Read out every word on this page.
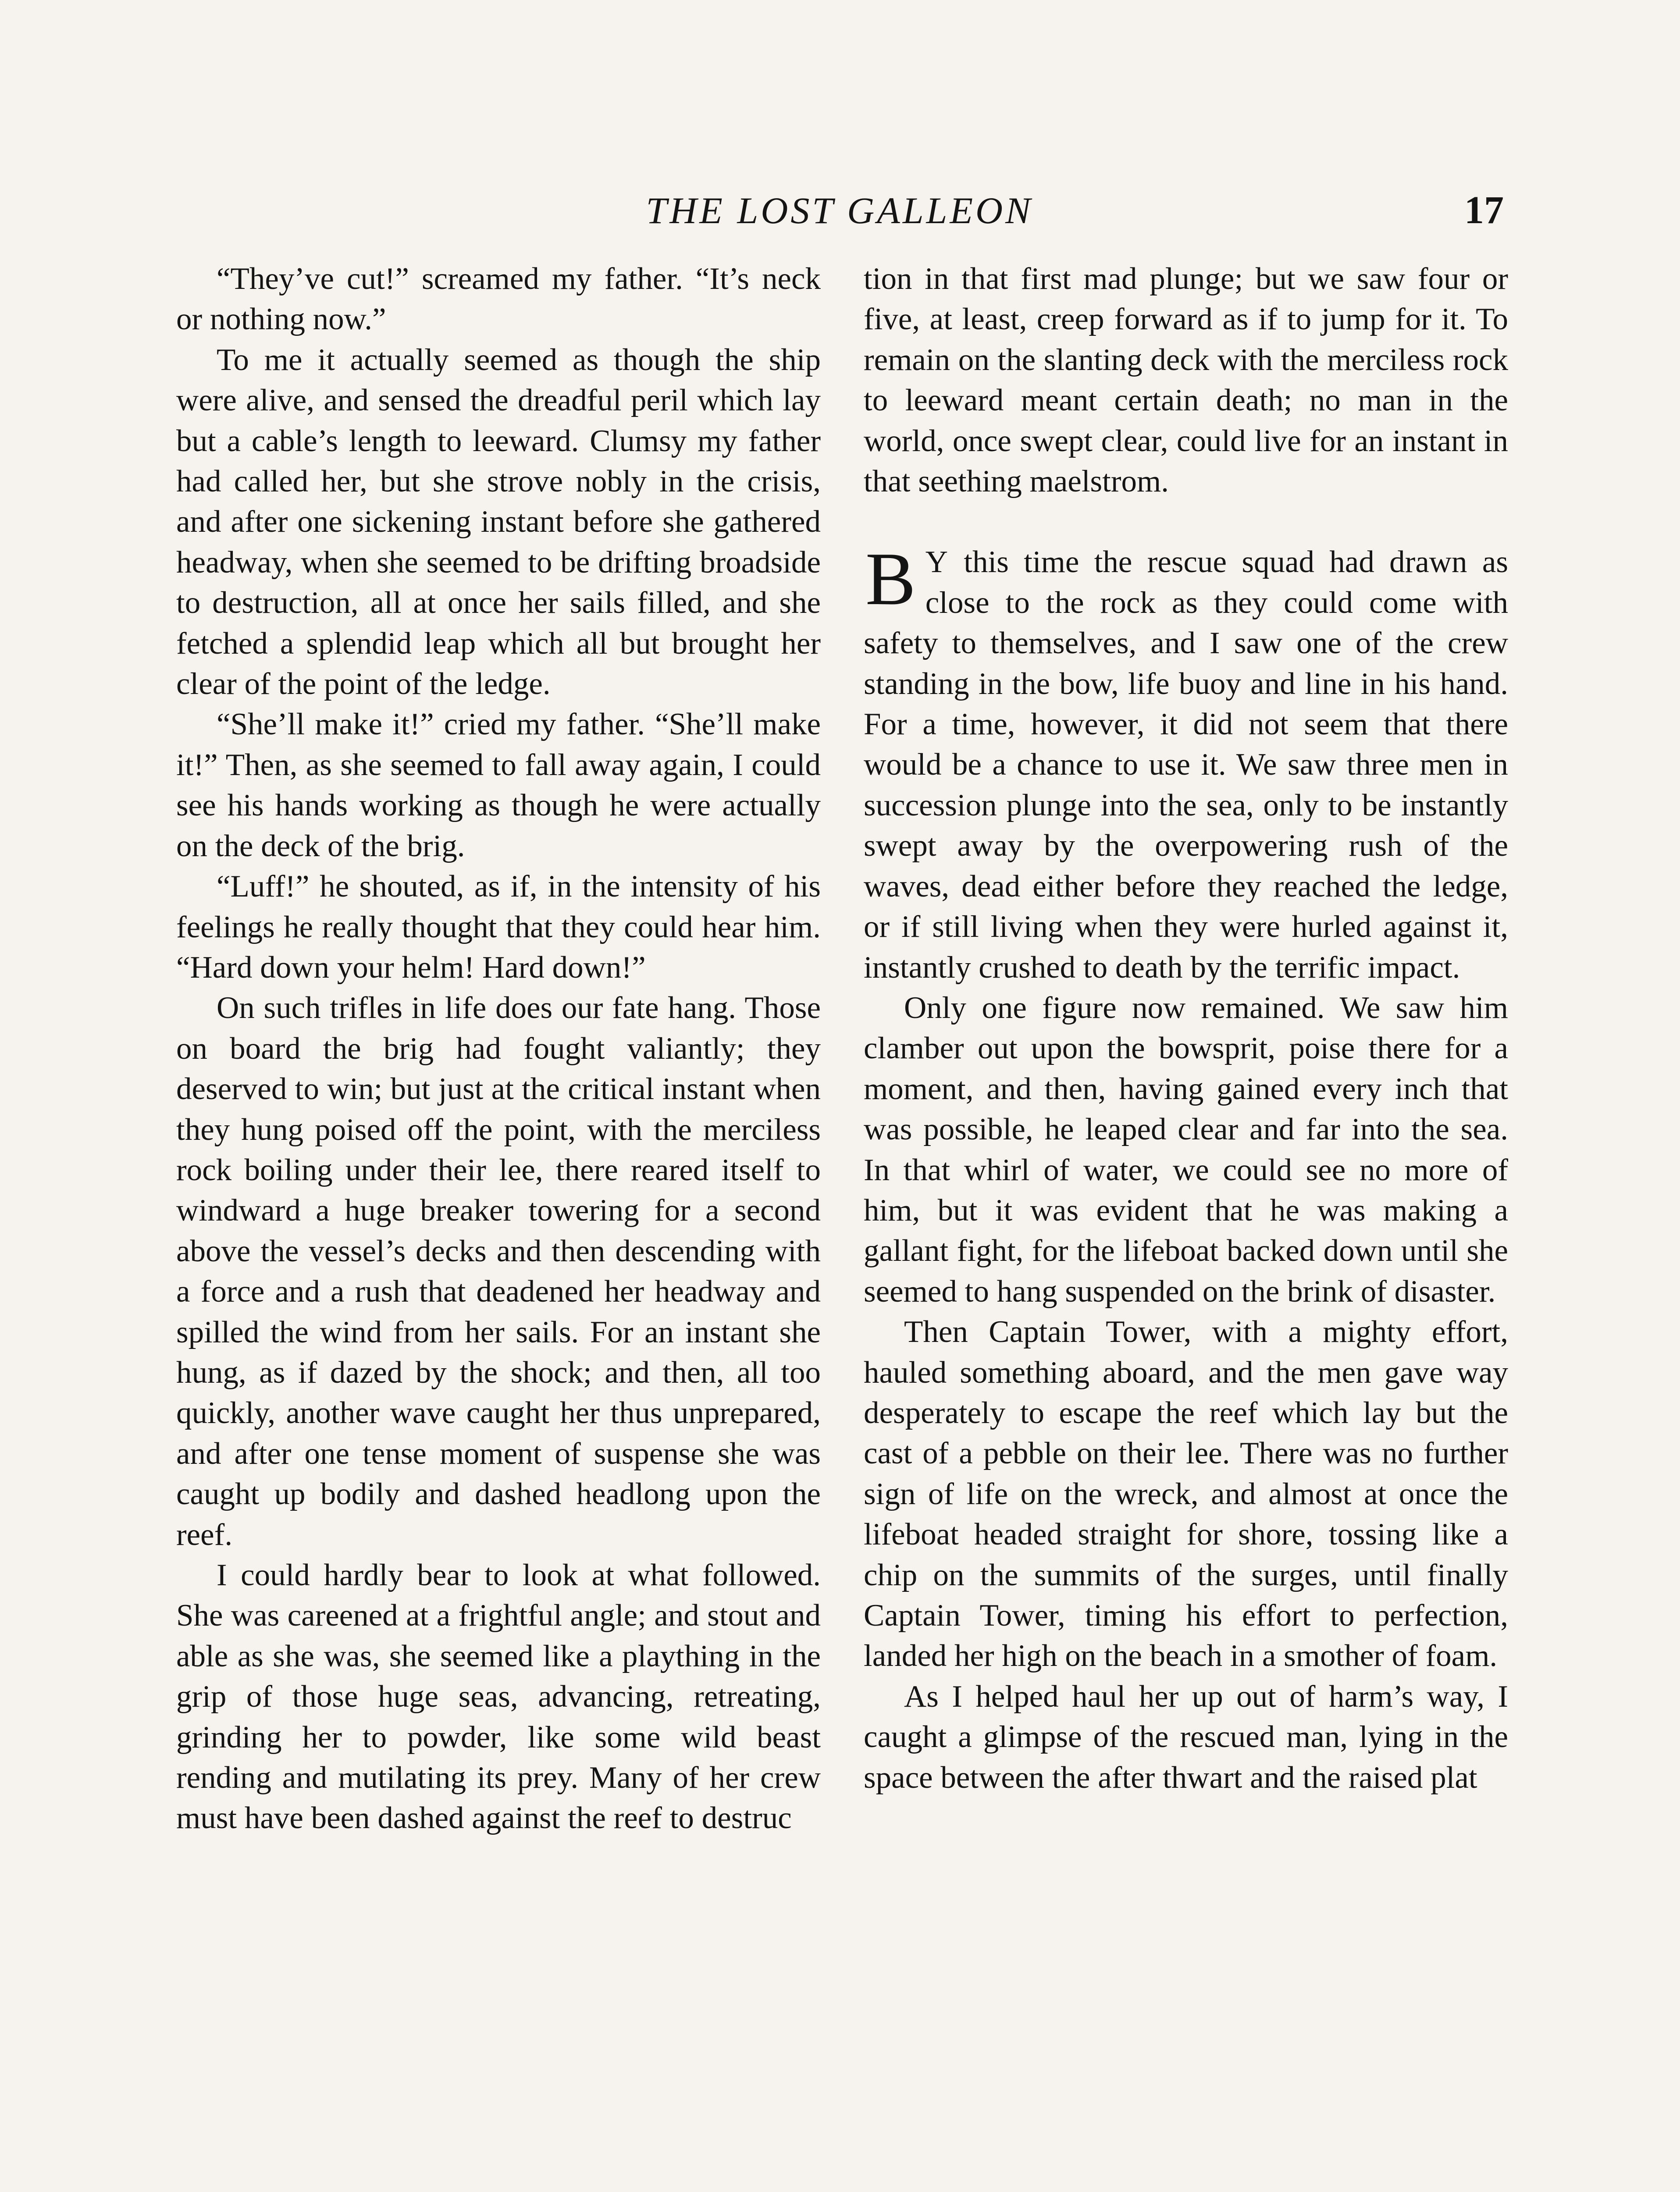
THE LOST GALLEON	17

“They’ve cut!” screamed my father. “It’s neck or nothing now.”

To me it actually seemed as though the ship were alive, and sensed the dreadful peril which lay but a cable’s length to leeward. Clumsy my father had called her, but she strove nobly in the crisis, and after one sickening instant before she gathered headway, when she seemed to be drifting broadside to destruction, all at once her sails filled, and she fetched a splendid leap which all but brought her clear of the point of the ledge.

“She’ll make it!” cried my father. “She’ll make it!” Then, as she seemed to fall away again, I could see his hands working as though he were actually on the deck of the brig.

“Luff!” he shouted, as if, in the intensity of his feelings he really thought that they could hear him. “Hard down your helm! Hard down!”

On such trifles in life does our fate hang. Those on board the brig had fought valiantly; they deserved to win; but just at the critical instant when they hung poised off the point, with the merciless rock boiling under their lee, there reared itself to windward a huge breaker towering for a second above the vessel’s decks and then descending with a force and a rush that deadened her headway and spilled the wind from her sails. For an instant she hung, as if dazed by the shock; and then, all too quickly, another wave caught her thus unprepared, and after one tense moment of suspense she was caught up bodily and dashed headlong upon the reef.

I could hardly bear to look at what followed. She was careened at a frightful angle; and stout and able as she was, she seemed like a plaything in the grip of those huge seas, advancing, retreating, grinding her to powder, like some wild beast rending and mutilating its prey. Many of her crew must have been dashed against the reef to destruc

tion in that first mad plunge; but we saw four or five, at least, creep forward as if to jump for it. To remain on the slanting deck with the merciless rock to leeward meant certain death; no man in the world, once swept clear, could live for an instant in that seething maelstrom.

B Y this time the rescue squad had drawn as close to the rock as they could come with safety to themselves, and I saw one of the crew standing in the bow, life buoy and line in his hand. For a time, however, it did not seem that there would be a chance to use it. We saw three men in succession plunge into the sea, only to be instantly swept away by the overpowering rush of the waves, dead either before they reached the ledge, or if still living when they were hurled against it, instantly crushed to death by the terrific impact.

Only one figure now remained. We saw him clamber out upon the bowsprit, poise there for a moment, and then, having gained every inch that was possible, he leaped clear and far into the sea. In that whirl of water, we could see no more of him, but it was evident that he was making a gallant fight, for the lifeboat backed down until she seemed to hang suspended on the brink of disaster.

Then Captain Tower, with a mighty effort, hauled something aboard, and the men gave way desperately to escape the reef which lay but the cast of a pebble on their lee. There was no further sign of life on the wreck, and almost at once the lifeboat headed straight for shore, tossing like a chip on the summits of the surges, until finally Captain Tower, timing his effort to perfection, landed her high on the beach in a smother of foam.

As I helped haul her up out of harm’s way, I caught a glimpse of the rescued man, lying in the space between the after thwart and the raised plat
